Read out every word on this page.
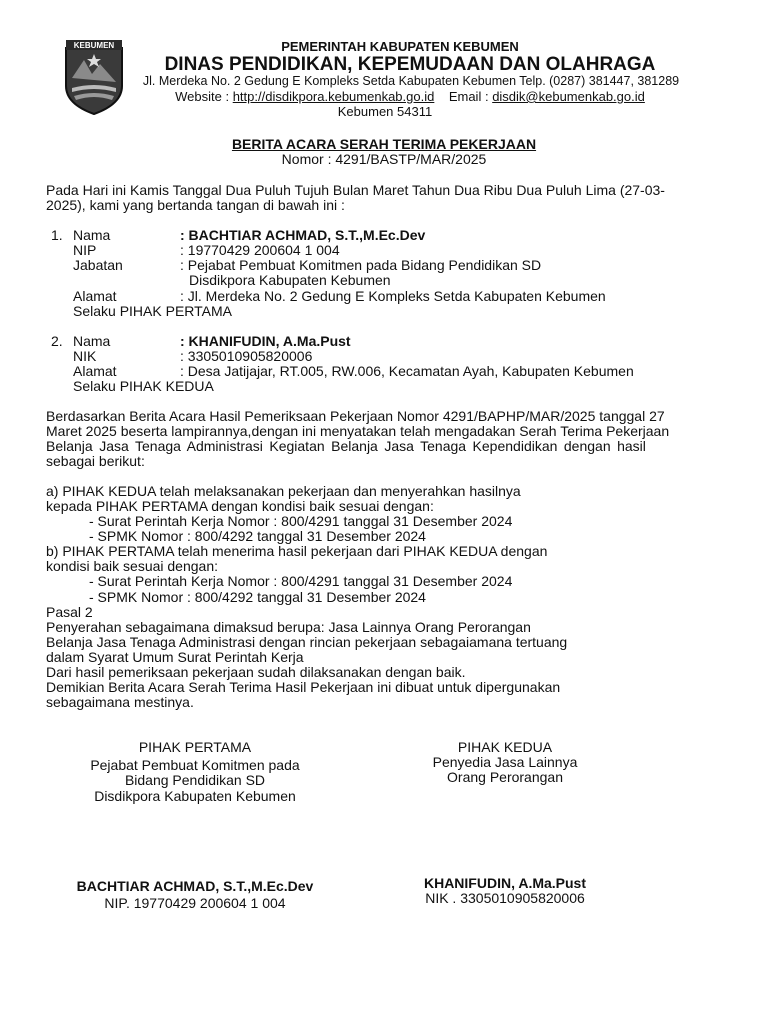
KEBUMEN	PEMERINTAH KABUPATEN KEBUMEN
DINAS PENDIDIKAN, KEPEMUDAAN DAN OLAHRAGA
Jl. Merdeka No. 2 Gedung E Kompleks Setda Kabupaten Kebumen Telp. (0287) 381447, 381289
Website : http://disdikpora.kebumenkab.go.id Email : disdik@kebumenkab.go.id
Kebumen 54311
BERITA ACARA SERAH TERIMA PEKERJAAN
Nomor : 4291/BASTP/MAR/2025
Pada Hari ini Kamis Tanggal Dua Puluh Tujuh Bulan Maret Tahun Dua Ribu Dua Puluh Lima (27-03-
2025), kami yang bertanda tangan di bawah ini :
1. Nama	: BACHTIAR ACHMAD, S.T.,M.Ec.Dev
NIP	: 19770429 200604 1 004
Jabatan	: Pejabat Pembuat Komitmen pada Bidang Pendidikan SD
Disdikpora Kabupaten Kebumen
Alamat	: Jl. Merdeka No. 2 Gedung E Kompleks Setda Kabupaten Kebumen
Selaku PIHAK PERTAMA
2. Nama	: KHANIFUDIN, A.Ma.Pust
NIK	: 3305010905820006
Alamat	: Desa Jatijajar, RT.005, RW.006, Kecamatan Ayah, Kabupaten Kebumen
Selaku PIHAK KEDUA
Berdasarkan Berita Acara Hasil Pemeriksaan Pekerjaan Nomor 4291/BAPHP/MAR/2025 tanggal 27
Maret 2025 beserta lampirannya,dengan ini menyatakan telah mengadakan Serah Terima Pekerjaan
Belanja Jasa Tenaga Administrasi Kegiatan Belanja Jasa Tenaga Kependidikan dengan hasil
sebagai berikut:
a) PIHAK KEDUA telah melaksanakan pekerjaan dan menyerahkan hasilnya
kepada PIHAK PERTAMA dengan kondisi baik sesuai dengan:
- Surat Perintah Kerja Nomor : 800/4291 tanggal 31 Desember 2024
- SPMK Nomor : 800/4292 tanggal 31 Desember 2024
b) PIHAK PERTAMA telah menerima hasil pekerjaan dari PIHAK KEDUA dengan
kondisi baik sesuai dengan:
- Surat Perintah Kerja Nomor : 800/4291 tanggal 31 Desember 2024
- SPMK Nomor : 800/4292 tanggal 31 Desember 2024
Pasal 2
Penyerahan sebagaimana dimaksud berupa: Jasa Lainnya Orang Perorangan
Belanja Jasa Tenaga Administrasi dengan rincian pekerjaan sebagaiamana tertuang
dalam Syarat Umum Surat Perintah Kerja
Dari hasil pemeriksaan pekerjaan sudah dilaksanakan dengan baik.
Demikian Berita Acara Serah Terima Hasil Pekerjaan ini dibuat untuk dipergunakan
sebagaimana mestinya.
PIHAK PERTAMA
Pejabat Pembuat Komitmen pada
Bidang Pendidikan SD
Disdikpora Kabupaten Kebumen
BACHTIAR ACHMAD, S.T.,M.Ec.Dev
NIP. 19770429 200604 1 004
PIHAK KEDUA
Penyedia Jasa Lainnya
Orang Perorangan
KHANIFUDIN, A.Ma.Pust
NIK . 3305010905820006
